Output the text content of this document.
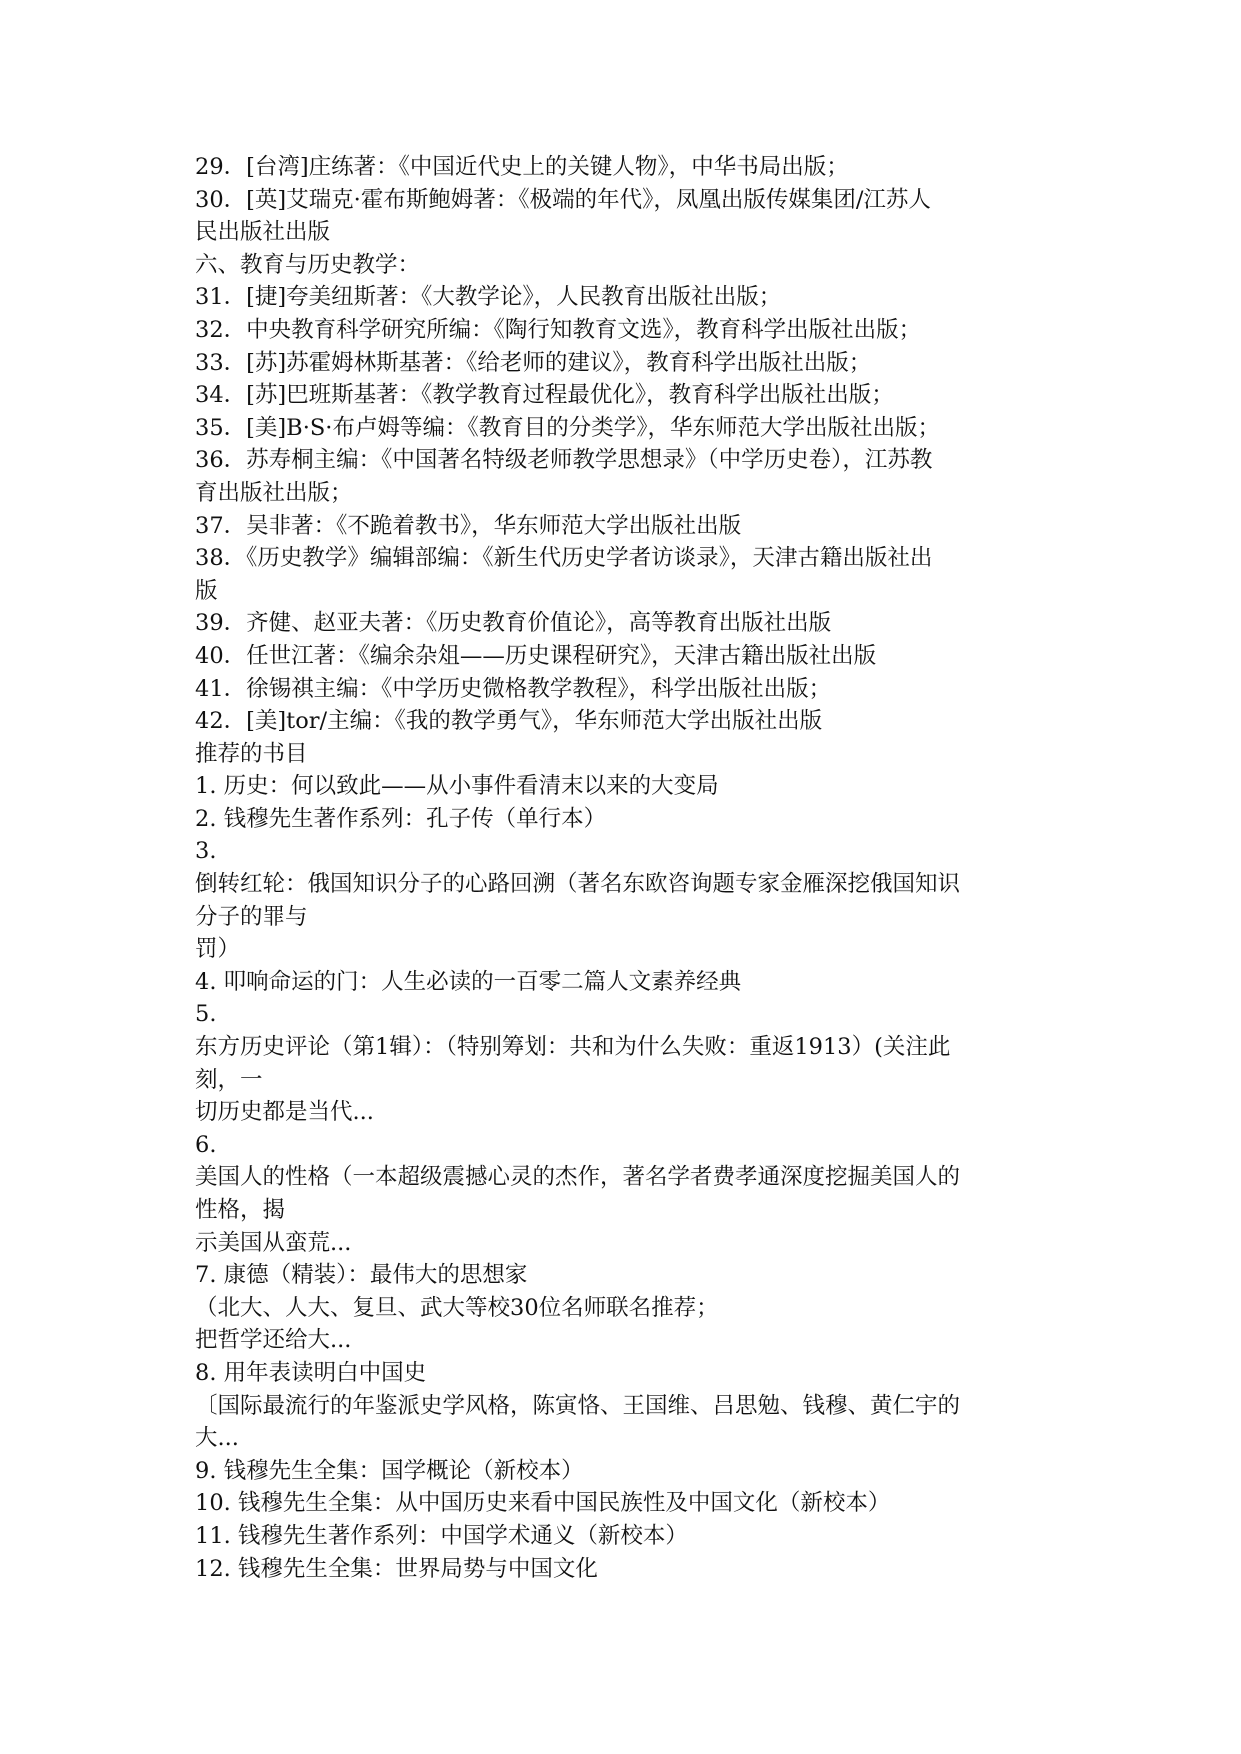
29．[台湾]庄练著：《中国近代史上的关键人物》，中华书局出版；
30．[英]艾瑞克·霍布斯鲍姆著：《极端的年代》，凤凰出版传媒集团/江苏人
民出版社出版
六、教育与历史教学：
31．[捷]夸美纽斯著：《大教学论》，人民教育出版社出版；
32．中央教育科学研究所编：《陶行知教育文选》，教育科学出版社出版；
33．[苏]苏霍姆林斯基著：《给老师的建议》，教育科学出版社出版；
34．[苏]巴班斯基著：《教学教育过程最优化》，教育科学出版社出版；
35．[美]B·S·布卢姆等编：《教育目的分类学》，华东师范大学出版社出版；
36．苏寿桐主编：《中国著名特级老师教学思想录》（中学历史卷），江苏教
育出版社出版；
37．吴非著：《不跪着教书》，华东师范大学出版社出版
38．《历史教学》编辑部编：《新生代历史学者访谈录》，天津古籍出版社出
版
39．齐健、赵亚夫著：《历史教育价值论》，高等教育出版社出版
40．任世江著：《编余杂俎——历史课程研究》，天津古籍出版社出版
41．徐锡祺主编：《中学历史微格教学教程》，科学出版社出版；
42．[美]tor/主编：《我的教学勇气》，华东师范大学出版社出版
推荐的书目
1. 历史：何以致此——从小事件看清末以来的大变局
2. 钱穆先生著作系列：孔子传（单行本）
3.
倒转红轮：俄国知识分子的心路回溯（著名东欧咨询题专家金雁深挖俄国知识
分子的罪与
罚）
4. 叩响命运的门：人生必读的一百零二篇人文素养经典
5.
东方历史评论（第1辑）：（特别筹划：共和为什么失败：重返1913）(关注此
刻，一
切历史都是当代...
6.
美国人的性格（一本超级震撼心灵的杰作，著名学者费孝通深度挖掘美国人的
性格，揭
示美国从蛮荒...
7. 康德（精装）：最伟大的思想家
（北大、人大、复旦、武大等校30位名师联名推荐；
把哲学还给大...
8. 用年表读明白中国史
〔国际最流行的年鉴派史学风格，陈寅恪、王国维、吕思勉、钱穆、黄仁宇的
大...
9. 钱穆先生全集：国学概论（新校本）
10. 钱穆先生全集：从中国历史来看中国民族性及中国文化（新校本）
11. 钱穆先生著作系列：中国学术通义（新校本）
12. 钱穆先生全集：世界局势与中国文化
